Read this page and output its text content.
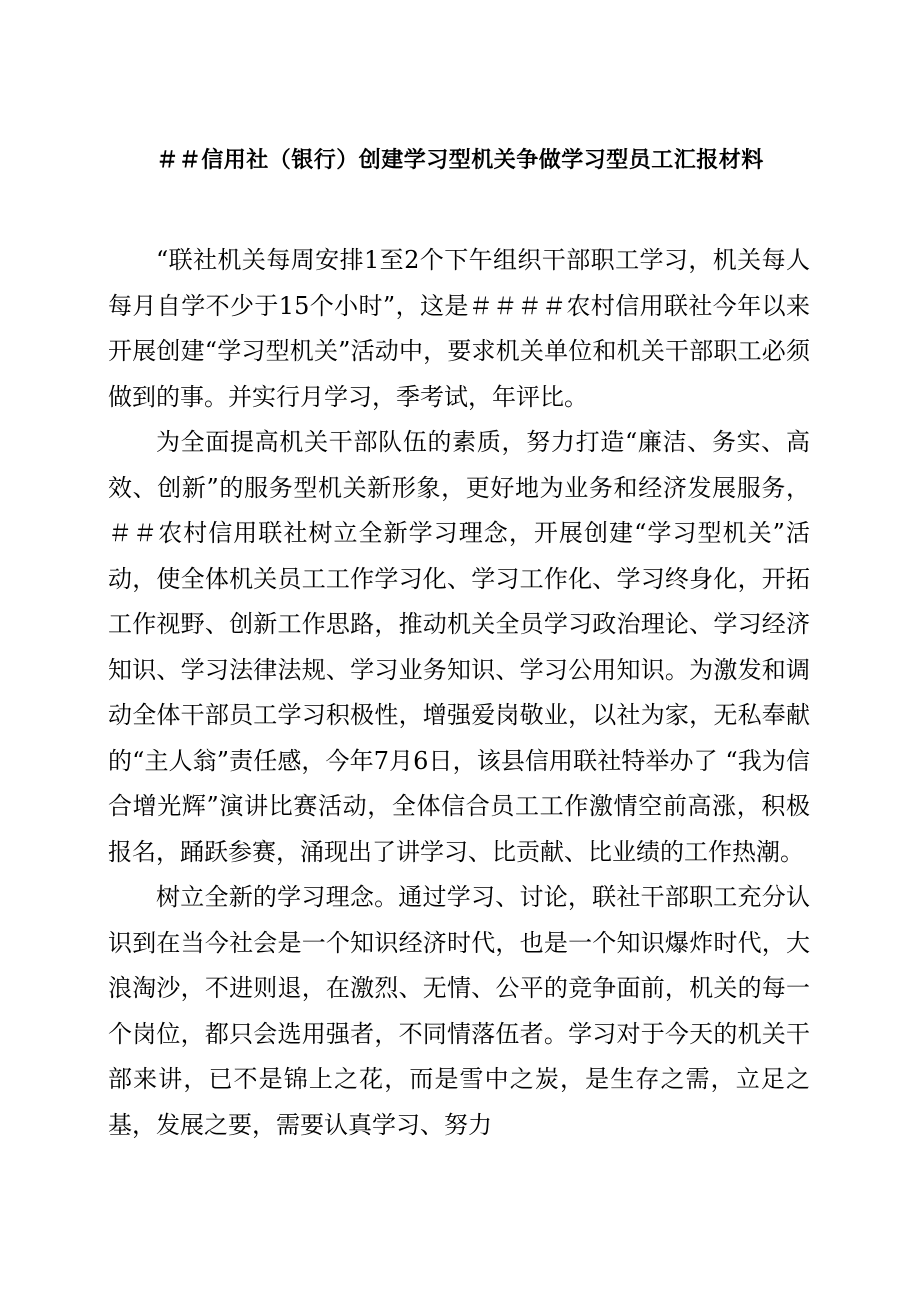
＃＃信用社（银行）创建学习型机关争做学习型员工汇报材料

“联社机关每周安排1至2个下午组织干部职工学习，机关每人每月自学不少于15个小时”，这是＃＃＃＃农村信用联社今年以来开展创建“学习型机关”活动中，要求机关单位和机关干部职工必须做到的事。并实行月学习，季考试，年评比。

为全面提高机关干部队伍的素质，努力打造“廉洁、务实、高效、创新”的服务型机关新形象，更好地为业务和经济发展服务，＃＃农村信用联社树立全新学习理念，开展创建“学习型机关”活动，使全体机关员工工作学习化、学习工作化、学习终身化，开拓工作视野、创新工作思路，推动机关全员学习政治理论、学习经济知识、学习法律法规、学习业务知识、学习公用知识。为激发和调动全体干部员工学习积极性，增强爱岗敬业，以社为家，无私奉献的“主人翁”责任感，今年7月6日，该县信用联社特举办了 “我为信合增光辉”演讲比赛活动，全体信合员工工作激情空前高涨，积极报名，踊跃参赛，涌现出了讲学习、比贡献、比业绩的工作热潮。

树立全新的学习理念。通过学习、讨论，联社干部职工充分认识到在当今社会是一个知识经济时代，也是一个知识爆炸时代，大浪淘沙，不进则退，在激烈、无情、公平的竞争面前，机关的每一个岗位，都只会选用强者，不同情落伍者。学习对于今天的机关干部来讲，已不是锦上之花，而是雪中之炭，是生存之需，立足之基，发展之要，需要认真学习、努力
